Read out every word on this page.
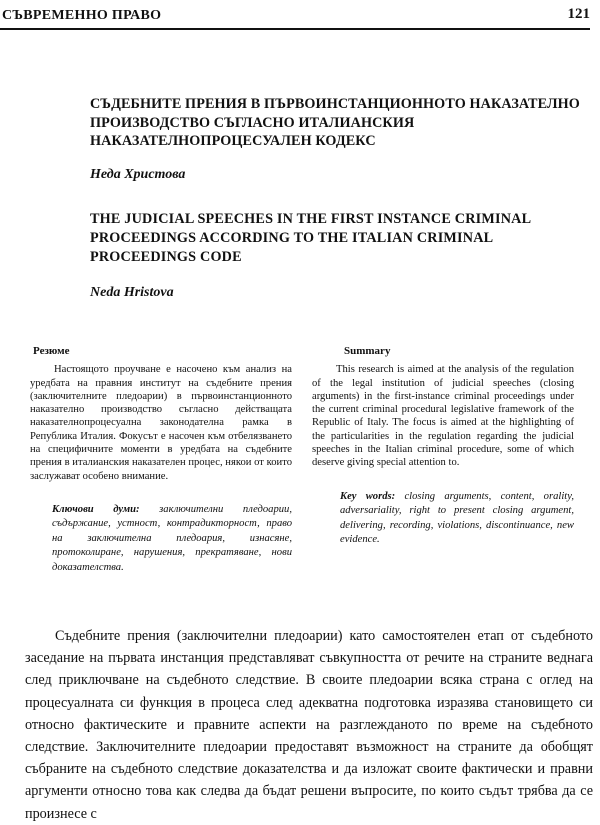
СЪВРЕМЕННО ПРАВО	121
СЪДЕБНИТЕ ПРЕНИЯ В ПЪРВОИНСТАНЦИОННОТО НАКАЗАТЕЛНО ПРОИЗВОДСТВО СЪГЛАСНО ИТАЛИАНСКИЯ НАКАЗАТЕЛНОПРОЦЕСУАЛЕН КОДЕКС
Неда Христова
THE JUDICIAL SPEECHES IN THE FIRST INSTANCE CRIMINAL PROCEEDINGS ACCORDING TO THE ITALIAN CRIMINAL PROCEEDINGS CODE
Neda Hristova
Резюме

Настоящото проучване е насочено към анализ на уредбата на правния институт на съдебните прения (заключителните пледоарии) в първоинстанционното наказателно производство съгласно действащата наказателнопроцесуална законодателна рамка в Република Италия. Фокусът е насочен към отбелязването на специфичните моменти в уредбата на съдебните прения в италианския наказателен процес, някои от които заслужават особено внимание.

Ключови думи: заключителни пледоарии, съдържание, устност, контрадикторност, право на заключителна пледоария, изнасяне, протоколиране, нарушения, прекратяване, нови доказателства.
Summary

This research is aimed at the analysis of the regulation of the legal institution of judicial speeches (closing arguments) in the first-instance criminal proceedings under the current criminal procedural legislative framework of the Republic of Italy. The focus is aimed at the highlighting of the particularities in the regulation regarding the judicial speeches in the Italian criminal procedure, some of which deserve giving special attention to.

Key words: closing arguments, content, orality, adversariality, right to present closing argument, delivering, recording, violations, discontinuance, new evidence.

Съдебните прения (заключителни пледоарии) като самостоятелен етап от съдебното заседание на първата инстанция представляват съвкупността от речите на страните веднага след приключване на съдебното следствие. В своите пледоарии всяка страна с оглед на процесуалната си функция в процеса след адекватна подготовка изразява становището си относно фактическите и правните аспекти на разглежданото по време на съдебното следствие. Заключителните пледоарии предоставят възможност на страните да обобщят събраните на съдебното следствие доказателства и да изложат своите фактически и правни аргументи относно това как следва да бъдат решени въпросите, по които съдът трябва да се произнесе с
